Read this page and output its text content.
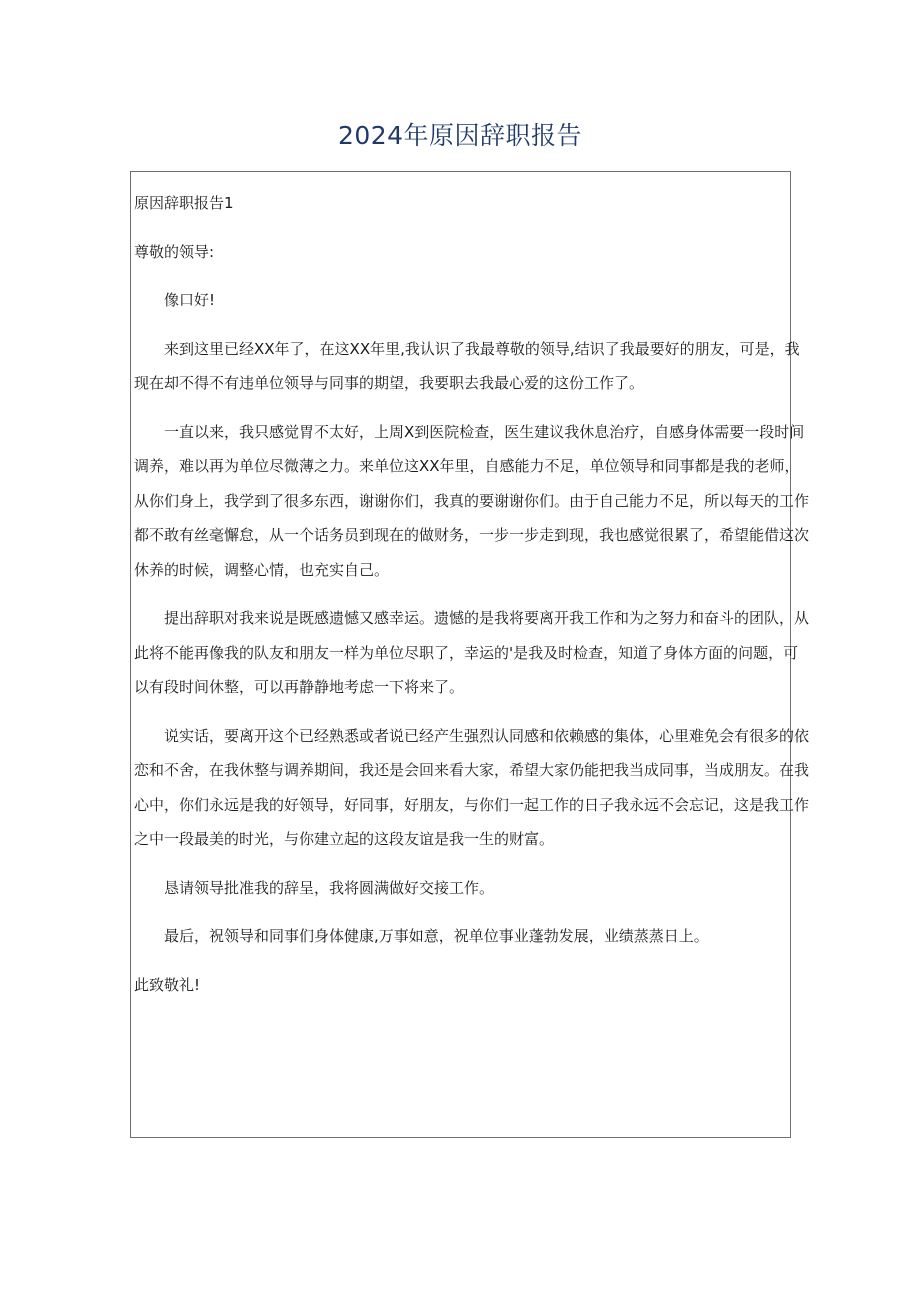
2024年原因辞职报告

原因辞职报告1

尊敬的领导:

像口好!

来到这里已经XX年了，在这XX年里,我认识了我最尊敬的领导,结识了我最要好的朋友，可是，我
现在却不得不有违单位领导与同事的期望，我要职去我最心爱的这份工作了。
一直以来，我只感觉胃不太好，上周X到医院检查，医生建议我休息治疗，自感身体需要一段时间
调养，难以再为单位尽微薄之力。来单位这XX年里，自感能力不足，单位领导和同事都是我的老师，
从你们身上，我学到了很多东西，谢谢你们，我真的要谢谢你们。由于自己能力不足，所以每天的工作
都不敢有丝毫懈怠，从一个话务员到现在的做财务，一步一步走到现，我也感觉很累了，希望能借这次
休养的时候，调整心情，也充实自己。
提出辞职对我来说是既感遗憾又感幸运。遗憾的是我将要离开我工作和为之努力和奋斗的团队，从
此将不能再像我的队友和朋友一样为单位尽职了，幸运的'是我及时检查，知道了身体方面的问题，可
以有段时间休整，可以再静静地考虑一下将来了。
说实话，要离开这个已经熟悉或者说已经产生强烈认同感和依赖感的集体，心里难免会有很多的依
恋和不舍，在我休整与调养期间，我还是会回来看大家，希望大家仍能把我当成同事，当成朋友。在我
心中，你们永远是我的好领导，好同事，好朋友，与你们一起工作的日子我永远不会忘记，这是我工作
之中一段最美的时光，与你建立起的这段友谊是我一生的财富。
恳请领导批准我的辞呈，我将圆满做好交接工作。
最后，祝领导和同事们身体健康,万事如意，祝单位事业蓬勃发展，业绩蒸蒸日上。

此致敬礼!
